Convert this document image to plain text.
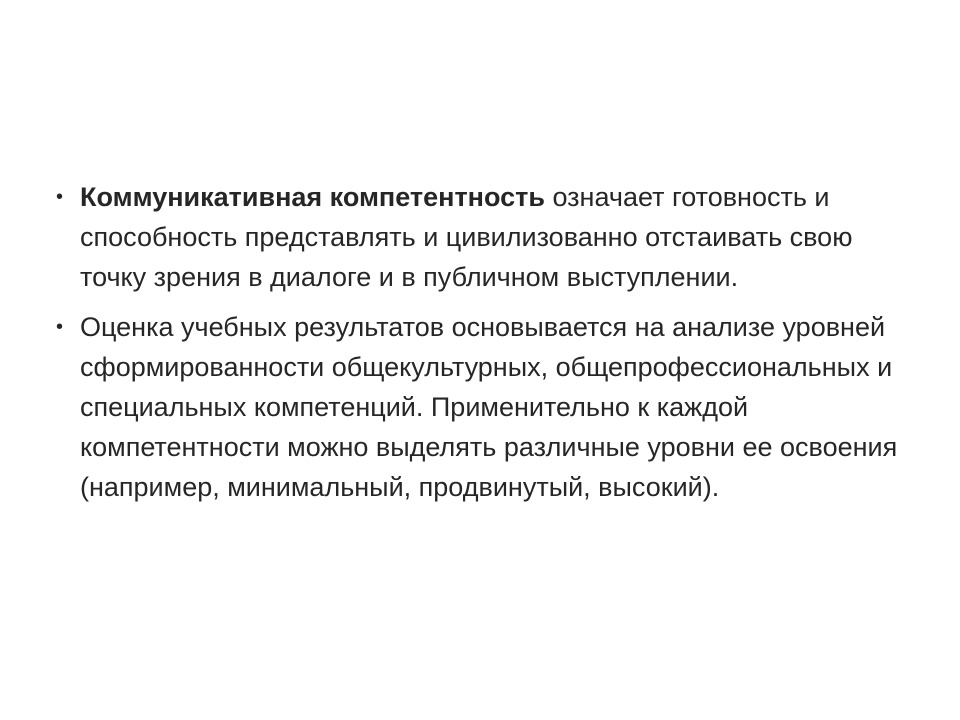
• Коммуникативная компетентность означает готовность и способность представлять и цивилизованно отстаивать свою точку зрения в диалоге и в публичном выступлении.
• Оценка учебных результатов основывается на анализе уровней сформированности общекультурных, общепрофессиональных и специальных компетенций. Применительно к каждой компетентности можно выделять различные уровни ее освоения (например, минимальный, продвинутый, высокий).
